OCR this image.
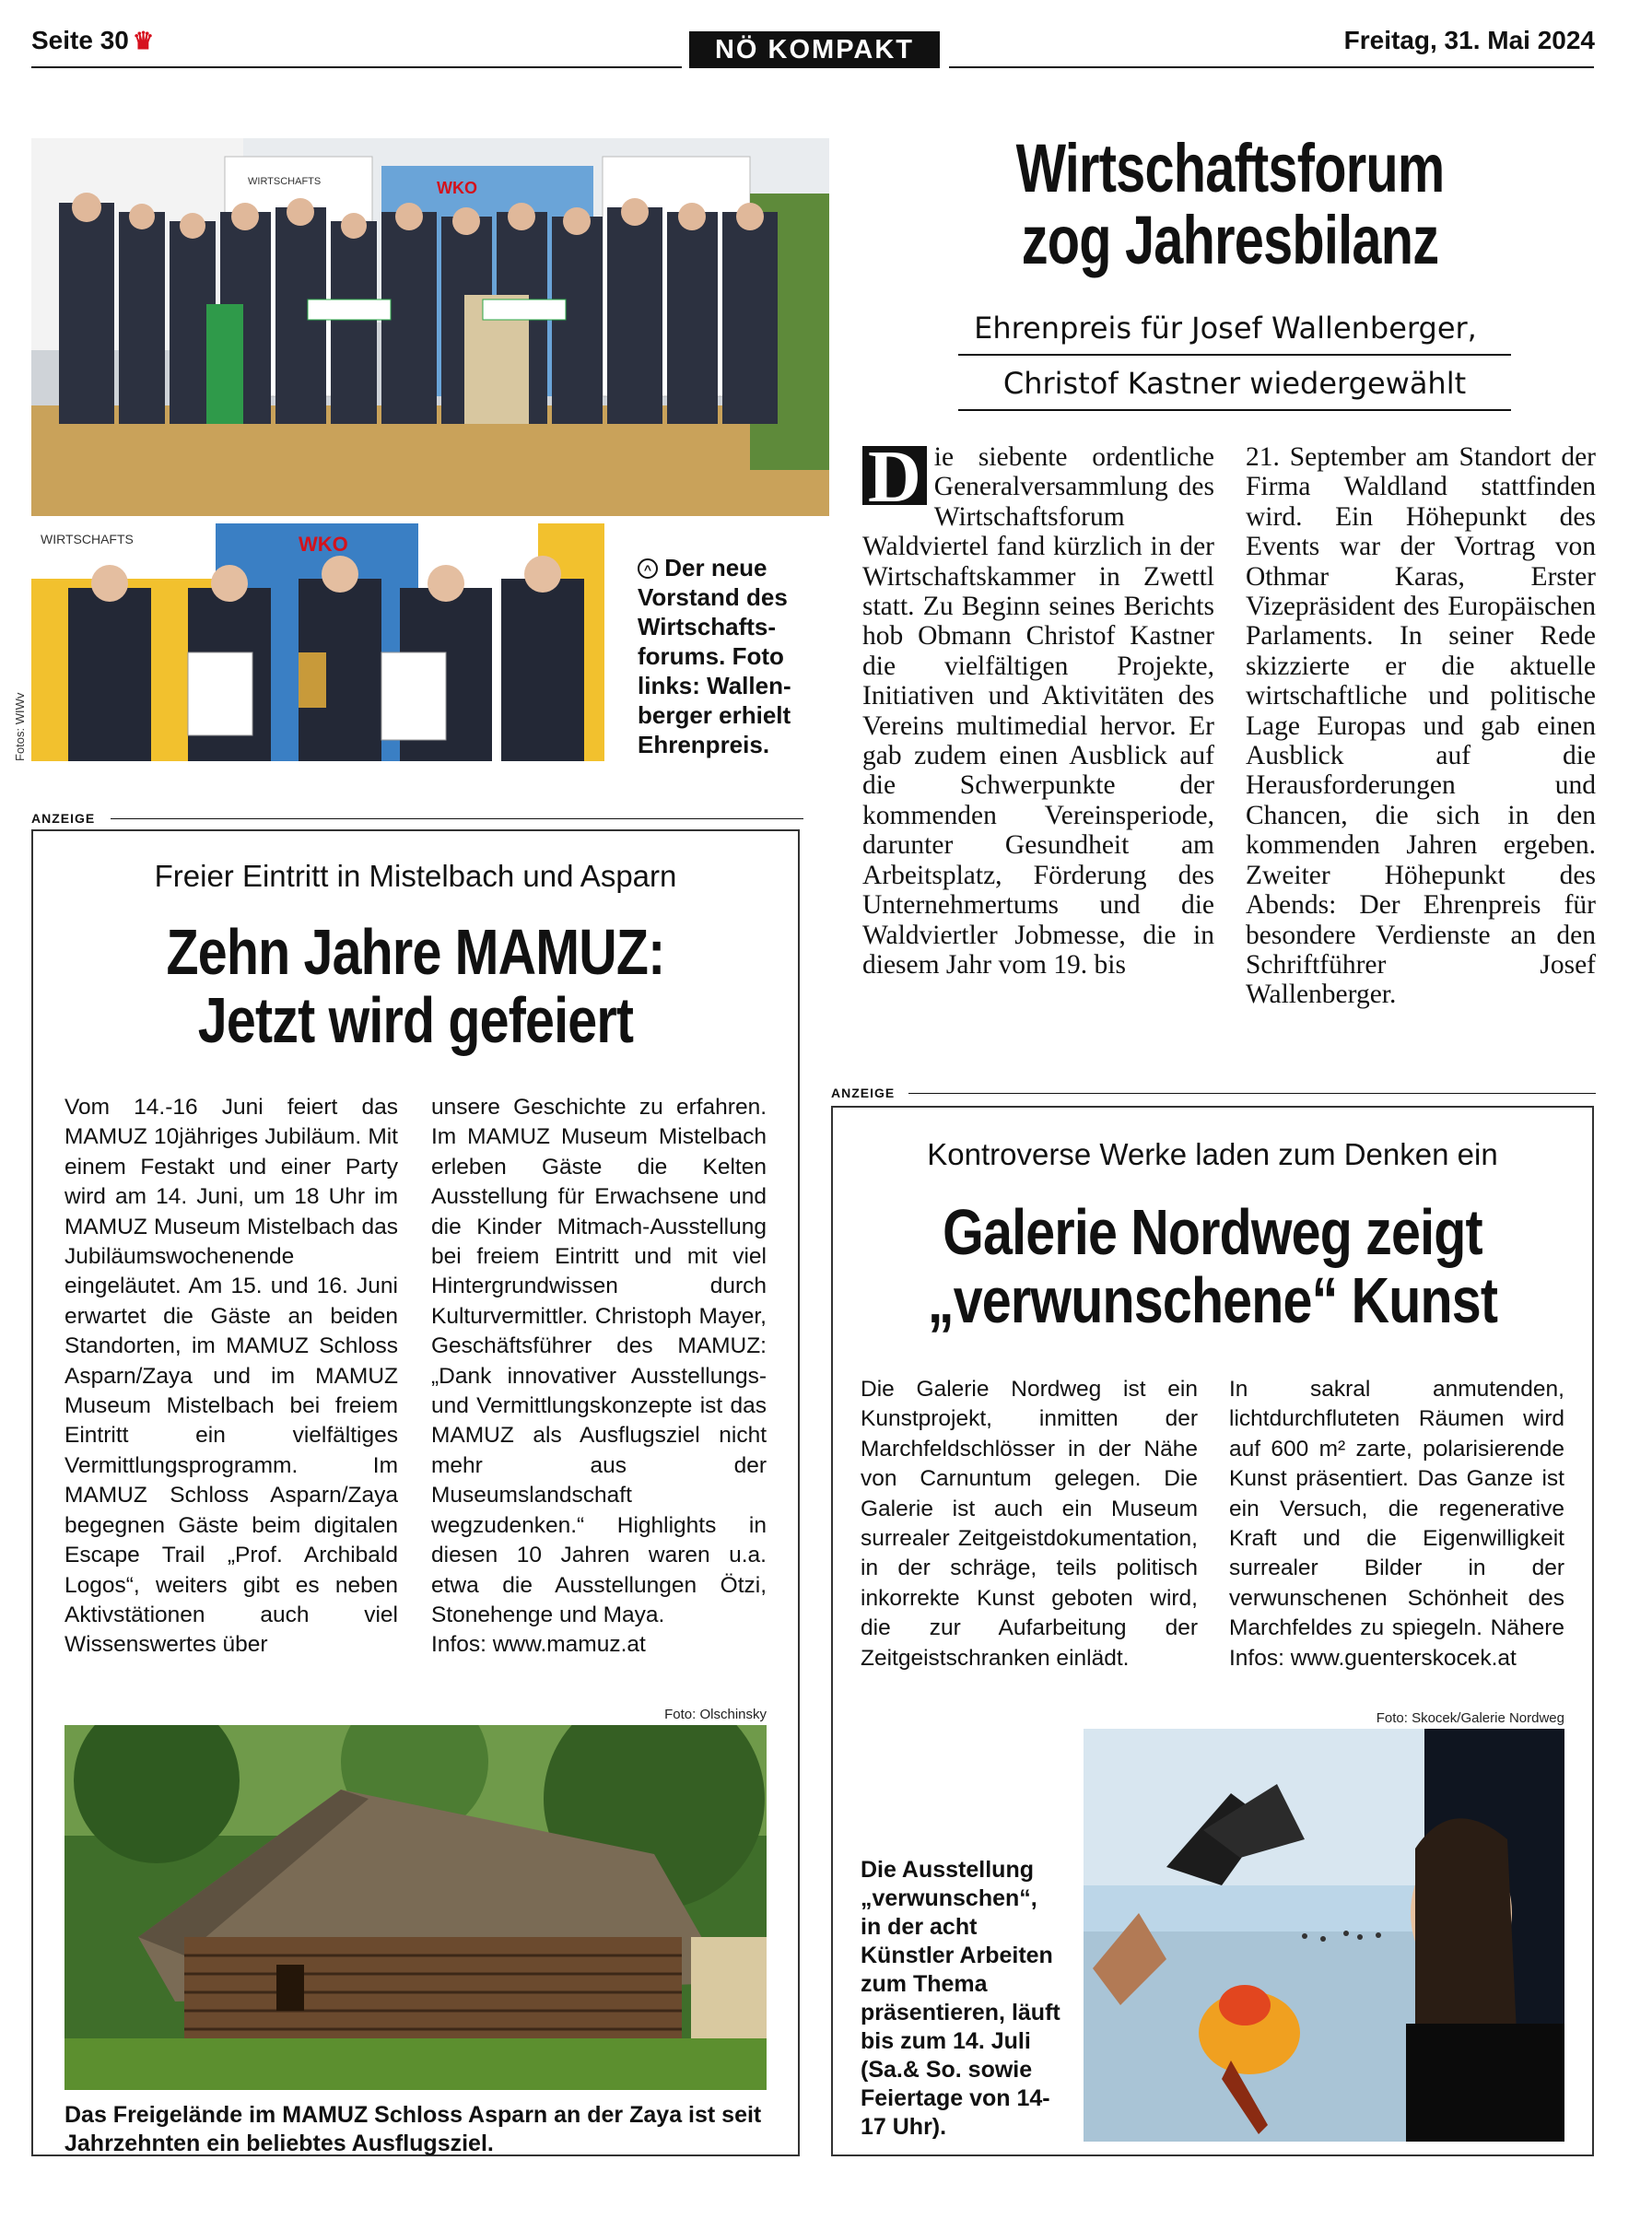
Seite 30 ♛	NÖ KOMPAKT	Freitag, 31. Mai 2024
WIRTSCHAFTS	WKO
WIRTSCHAFTS	WKO
Fotos: WIWv
^ Der neue Vorstand des Wirtschafts-forums. Foto links: Wallen-berger erhielt Ehrenpreis.
Wirtschaftsforum
zog Jahresbilanz
Ehrenpreis für Josef Wallenberger,
Christof Kastner wiedergewählt
D ie siebente ordentliche Generalversammlung des Wirtschaftsforum Waldviertel fand kürzlich in der Wirtschaftskammer in Zwettl statt. Zu Beginn seines Berichts hob Obmann Christof Kastner die vielfältigen Projekte, Initiativen und Aktivitäten des Vereins multimedial hervor. Er gab zudem einen Ausblick auf die Schwerpunkte der kommenden Vereinsperiode, darunter Gesundheit am Arbeitsplatz, Förderung des Unternehmertums und die Waldviertler Jobmesse, die in diesem Jahr vom 19. bis
21. September am Standort der Firma Waldland stattfinden wird. Ein Höhepunkt des Events war der Vortrag von Othmar Karas, Erster Vizepräsident des Europäischen Parlaments. In seiner Rede skizzierte er die aktuelle wirtschaftliche und politische Lage Europas und gab einen Ausblick auf die Herausforderungen und Chancen, die sich in den kommenden Jahren ergeben. Zweiter Höhepunkt des Abends: Der Ehrenpreis für besondere Verdienste an den Schriftführer Josef Wallenberger.
ANZEIGE
Freier Eintritt in Mistelbach und Asparn
Zehn Jahre MAMUZ:
Jetzt wird gefeiert
Vom 14.-16 Juni feiert das MAMUZ 10jähriges Jubiläum. Mit einem Festakt und einer Party wird am 14. Juni, um 18 Uhr im MAMUZ Museum Mistelbach das Jubiläumswochenende eingeläutet. Am 15. und 16. Juni erwartet die Gäste an beiden Standorten, im MAMUZ Schloss Asparn/Zaya und im MAMUZ Museum Mistelbach bei freiem Eintritt ein vielfältiges Vermittlungsprogramm. Im MAMUZ Schloss Asparn/Zaya begegnen Gäste beim digitalen Escape Trail „Prof. Archibald Logos“, weiters gibt es neben Aktivstätionen auch viel Wissenswertes über
unsere Geschichte zu erfahren. Im MAMUZ Museum Mistelbach erleben Gäste die Kelten Ausstellung für Erwachsene und die Kinder Mitmach-Ausstellung bei freiem Eintritt und mit viel Hintergrundwissen durch Kulturvermittler. Christoph Mayer, Geschäftsführer des MAMUZ: „Dank innovativer Ausstellungs- und Vermittlungskonzepte ist das MAMUZ als Ausflugsziel nicht mehr aus der Museumslandschaft wegzudenken.“ Highlights in diesen 10 Jahren waren u.a. etwa die Ausstellungen Ötzi, Stonehenge und Maya.
Infos: www.mamuz.at
Foto: Olschinsky
Das Freigelände im MAMUZ Schloss Asparn an der Zaya ist seit Jahrzehnten ein beliebtes Ausflugsziel.
ANZEIGE
Kontroverse Werke laden zum Denken ein
Galerie Nordweg zeigt
„verwunschene“ Kunst
Die Galerie Nordweg ist ein Kunstprojekt, inmitten der Marchfeldschlösser in der Nähe von Carnuntum gelegen. Die Galerie ist auch ein Museum surrealer Zeitgeistdokumentation, in der schräge, teils politisch inkorrekte Kunst geboten wird, die zur Aufarbeitung der Zeitgeistschranken einlädt.
In sakral anmutenden, lichtdurchfluteten Räumen wird auf 600 m² zarte, polarisierende Kunst präsentiert. Das Ganze ist ein Versuch, die regenerative Kraft und die Eigenwilligkeit surrealer Bilder in der verwunschenen Schönheit des Marchfeldes zu spiegeln. Nähere Infos: www.guenterskocek.at
Foto: Skocek/Galerie Nordweg
Die Ausstellung „verwunschen“, in der acht Künstler Arbeiten zum Thema präsentieren, läuft bis zum 14. Juli (Sa.& So. sowie Feiertage von 14-17 Uhr).
